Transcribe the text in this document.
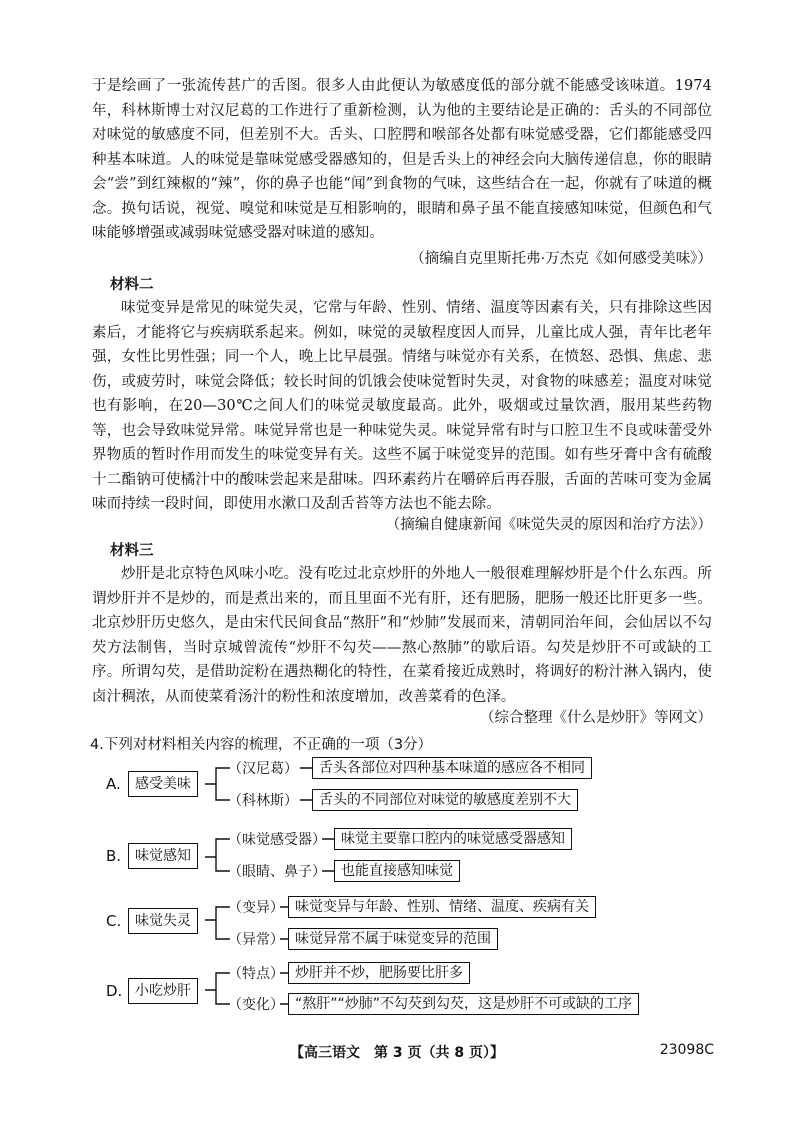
于是绘画了一张流传甚广的舌图。很多人由此便认为敏感度低的部分就不能感受该味道。1974年，科林斯博士对汉尼葛的工作进行了重新检测，认为他的主要结论是正确的：舌头的不同部位对味觉的敏感度不同，但差别不大。舌头、口腔腭和喉部各处都有味觉感受器，它们都能感受四种基本味道。人的味觉是靠味觉感受器感知的，但是舌头上的神经会向大脑传递信息，你的眼睛会“尝”到红辣椒的“辣”，你的鼻子也能“闻”到食物的气味，这些结合在一起，你就有了味道的概念。换句话说，视觉、嗅觉和味觉是互相影响的，眼睛和鼻子虽不能直接感知味觉，但颜色和气味能够增强或减弱味觉感受器对味道的感知。

（摘编自克里斯托弗·万杰克《如何感受美味》）
材料二

味觉变异是常见的味觉失灵，它常与年龄、性别、情绪、温度等因素有关，只有排除这些因素后，才能将它与疾病联系起来。例如，味觉的灵敏程度因人而异，儿童比成人强，青年比老年强，女性比男性强；同一个人，晚上比早晨强。情绪与味觉亦有关系，在愤怒、恐惧、焦虑、悲伤，或疲劳时，味觉会降低；较长时间的饥饿会使味觉暂时失灵，对食物的味感差；温度对味觉也有影响，在20—30℃之间人们的味觉灵敏度最高。此外，吸烟或过量饮酒，服用某些药物等，也会导致味觉异常。味觉异常也是一种味觉失灵。味觉异常有时与口腔卫生不良或味蕾受外界物质的暂时作用而发生的味觉变异有关。这些不属于味觉变异的范围。如有些牙膏中含有硫酸十二酯钠可使橘汁中的酸味尝起来是甜味。四环素药片在嚼碎后再吞服，舌面的苦味可变为金属味而持续一段时间，即使用水漱口及刮舌苔等方法也不能去除。

（摘编自健康新闻《味觉失灵的原因和治疗方法》）
材料三

炒肝是北京特色风味小吃。没有吃过北京炒肝的外地人一般很难理解炒肝是个什么东西。所谓炒肝并不是炒的，而是煮出来的，而且里面不光有肝，还有肥肠，肥肠一般还比肝更多一些。北京炒肝历史悠久，是由宋代民间食品“熬肝”和“炒肺”发展而来，清朝同治年间，会仙居以不勾芡方法制售，当时京城曾流传“炒肝不勾芡——熬心熬肺”的歇后语。勾芡是炒肝不可或缺的工序。所谓勾芡，是借助淀粉在遇热糊化的特性，在菜肴接近成熟时，将调好的粉汁淋入锅内，使卤汁稠浓，从而使菜肴汤汁的粉性和浓度增加，改善菜肴的色泽。

（综合整理《什么是炒肝》等网文）
4.下列对材料相关内容的梳理，不正确的一项（3分）
A.	感受美味
（汉尼葛）	舌头各部位对四种基本味道的感应各不相同
（科林斯）	舌头的不同部位对味觉的敏感度差别不大
B. 味觉感知
（味觉感受器）	味觉主要靠口腔内的味觉感受器感知
（眼睛、鼻子）	也能直接感知味觉
C. 味觉失灵
（变异） 味觉变异与年龄、性别、情绪、温度、疾病有关
（异常） 味觉异常不属于味觉变异的范围
D. 小吃炒肝
（特点） 炒肝并不炒，肥肠要比肝多
（变化） “熬肝”“炒肺”不勾芡到勾芡，这是炒肝不可或缺的工序
【高三语文　第 3 页（共 8 页）】	23098C
